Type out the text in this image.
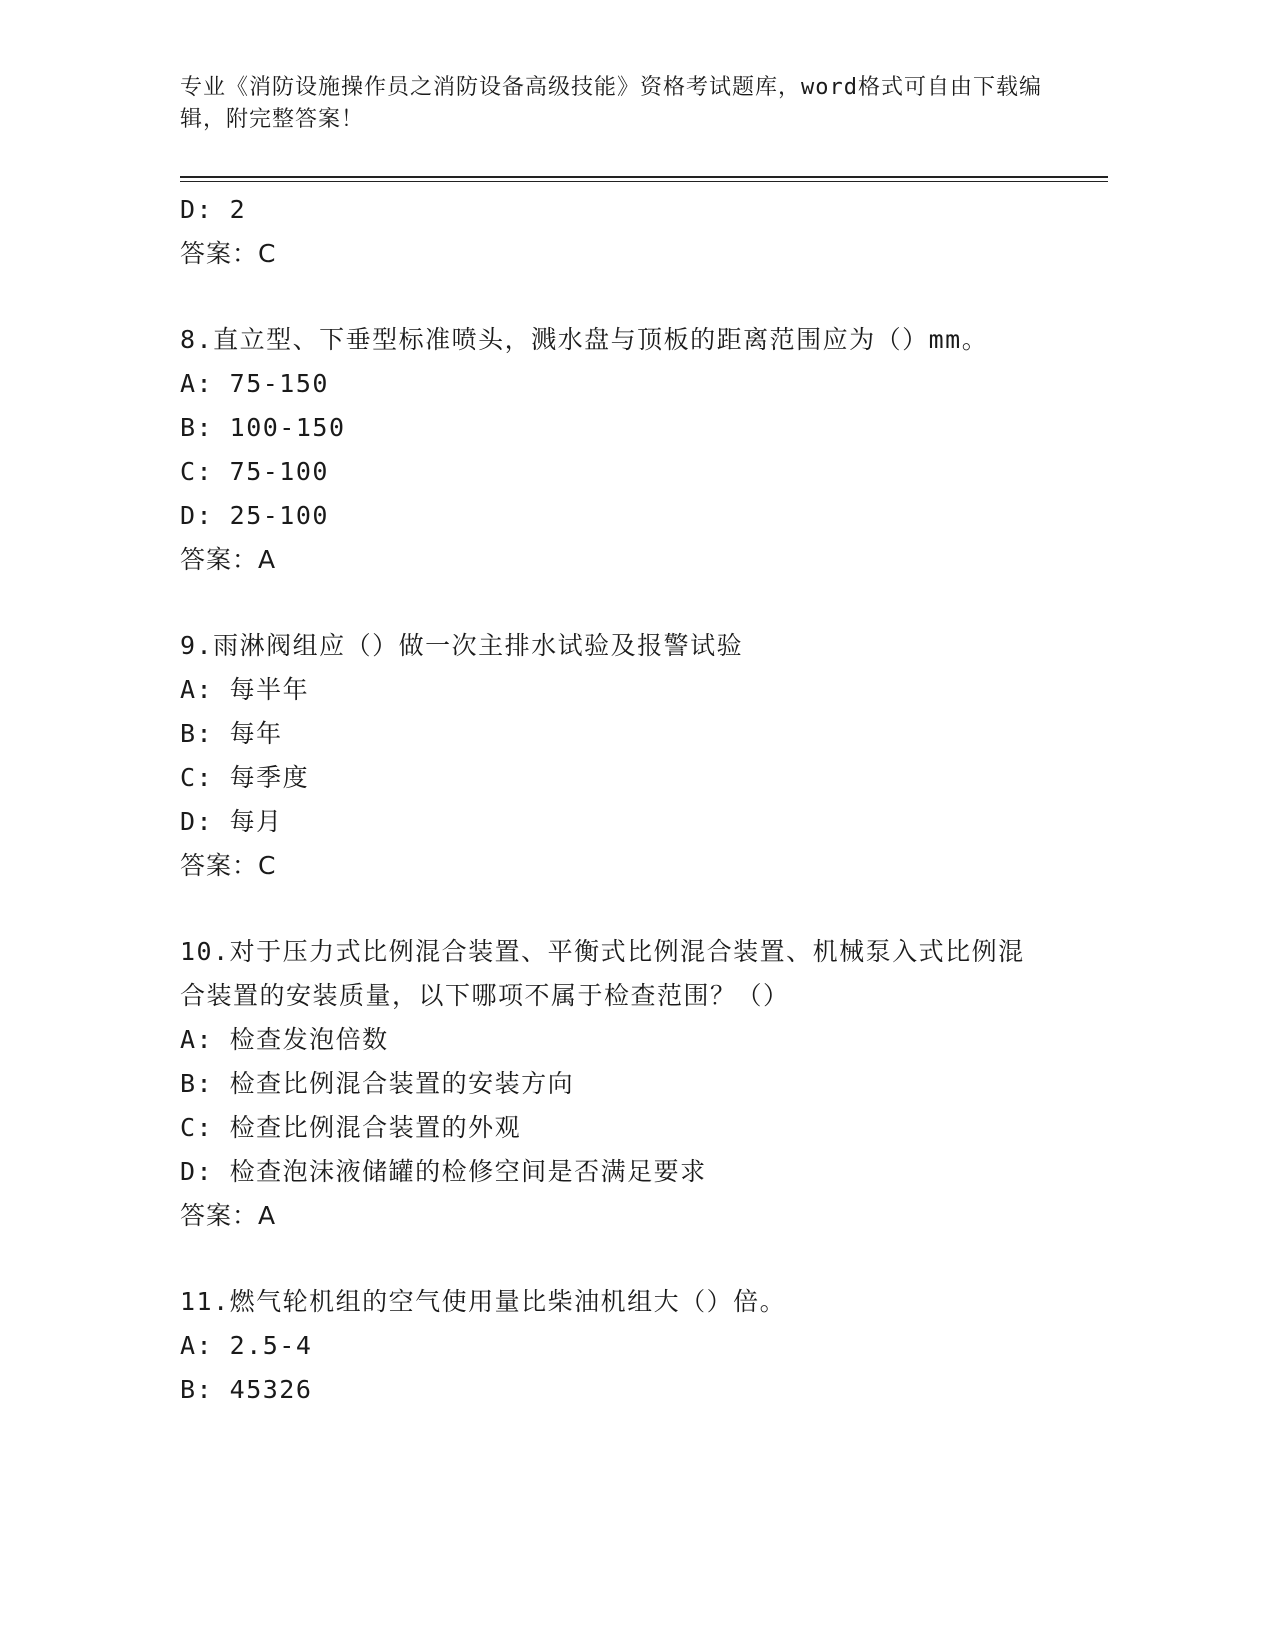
专业《消防设施操作员之消防设备高级技能》资格考试题库，word格式可自由下载编辑，附完整答案！
D: 2
答案：C
8.直立型、下垂型标准喷头，溅水盘与顶板的距离范围应为（）mm。
A: 75-150
B: 100-150
C: 75-100
D: 25-100
答案：A
9.雨淋阀组应（）做一次主排水试验及报警试验
A: 每半年
B: 每年
C: 每季度
D: 每月
答案：C
10.对于压力式比例混合装置、平衡式比例混合装置、机械泵入式比例混合装置的安装质量，以下哪项不属于检查范围？（）
A: 检查发泡倍数
B: 检查比例混合装置的安装方向
C: 检查比例混合装置的外观
D: 检查泡沫液储罐的检修空间是否满足要求
答案：A
11.燃气轮机组的空气使用量比柴油机组大（）倍。
A: 2.5-4
B: 45326
